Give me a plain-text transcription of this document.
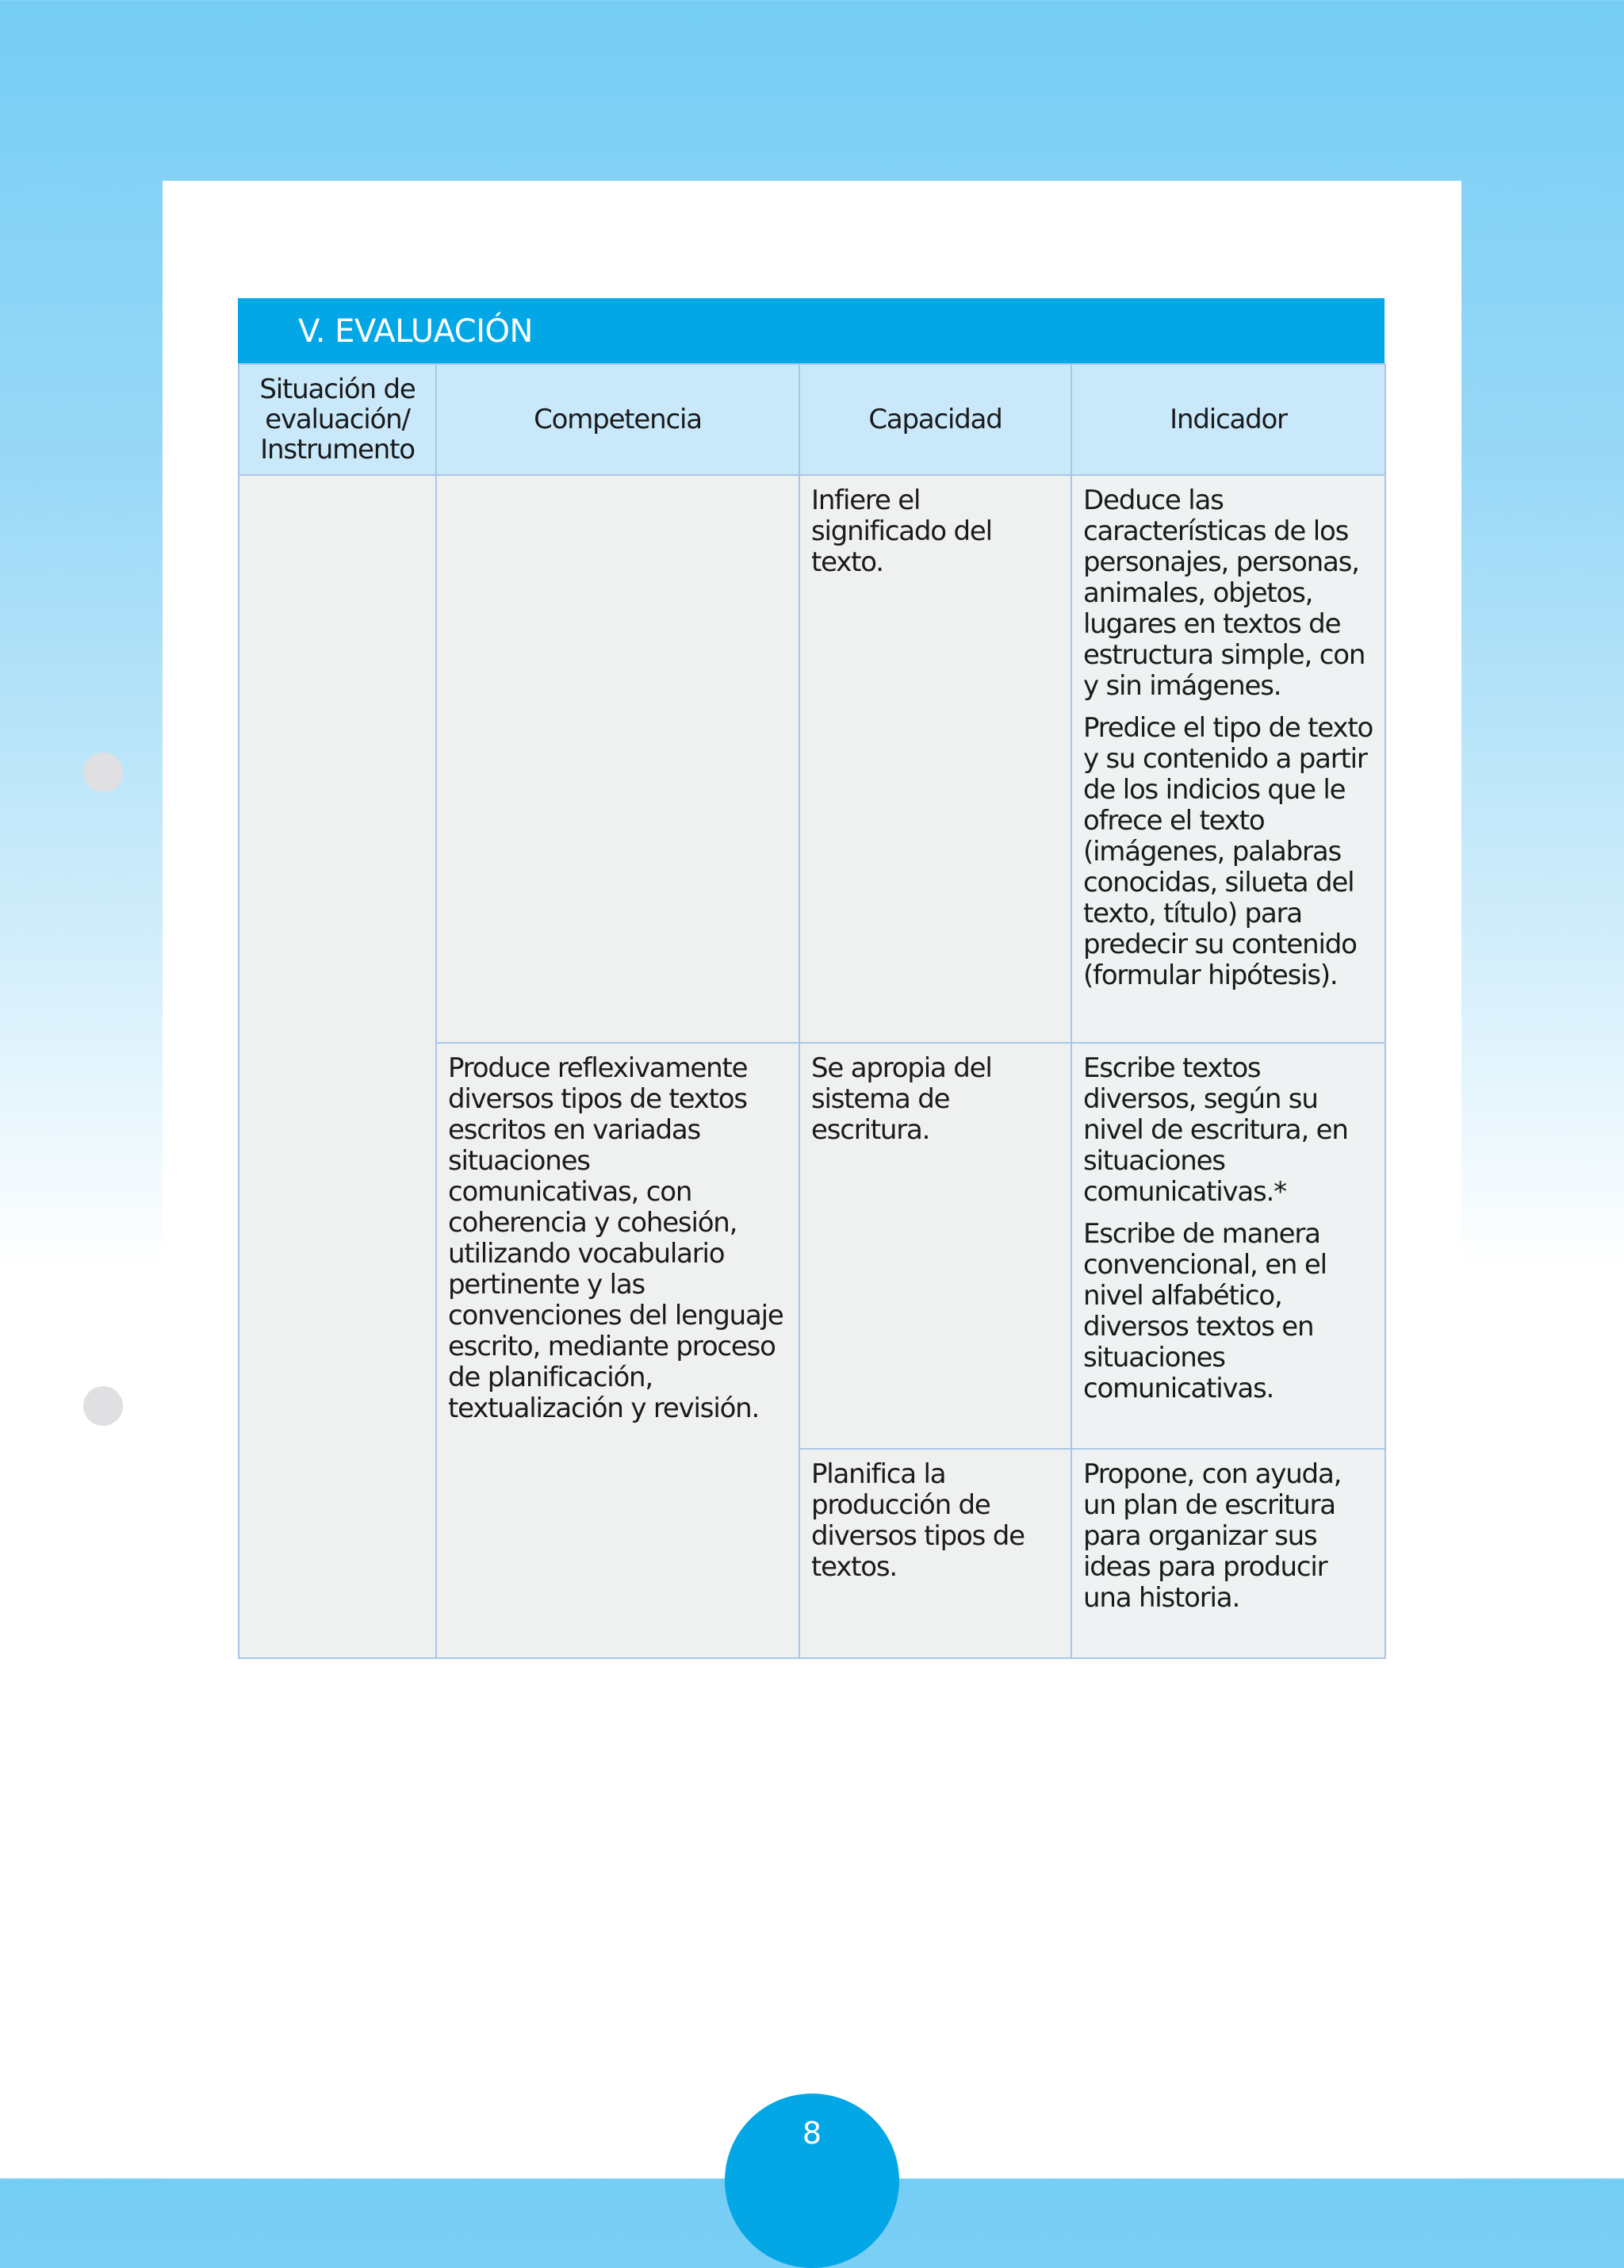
V. EVALUACIÓN
Situación de evaluación/ Instrumento	Competencia	Capacidad	Indicador
		Infiere el significado del texto.	Deduce las características de los personajes, personas, animales, objetos, lugares en textos de estructura simple, con y sin imágenes.

Predice el tipo de texto y su contenido a partir de los indicios que le ofrece el texto (imágenes, palabras conocidas, silueta del texto, título) para predecir su contenido (formular hipótesis).

	Produce reflexivamente diversos tipos de textos escritos en variadas situaciones comunicativas, con coherencia y cohesión, utilizando vocabulario pertinente y las convenciones del lenguaje escrito, mediante proceso de planificación, textualización y revisión.	Se apropia del sistema de escritura.	Escribe textos diversos, según su nivel de escritura, en situaciones comunicativas.*

Escribe de manera convencional, en el nivel alfabético, diversos textos en situaciones comunicativas.

		Planifica la producción de diversos tipos de textos.	Propone, con ayuda, un plan de escritura para organizar sus ideas para producir una historia.

8
